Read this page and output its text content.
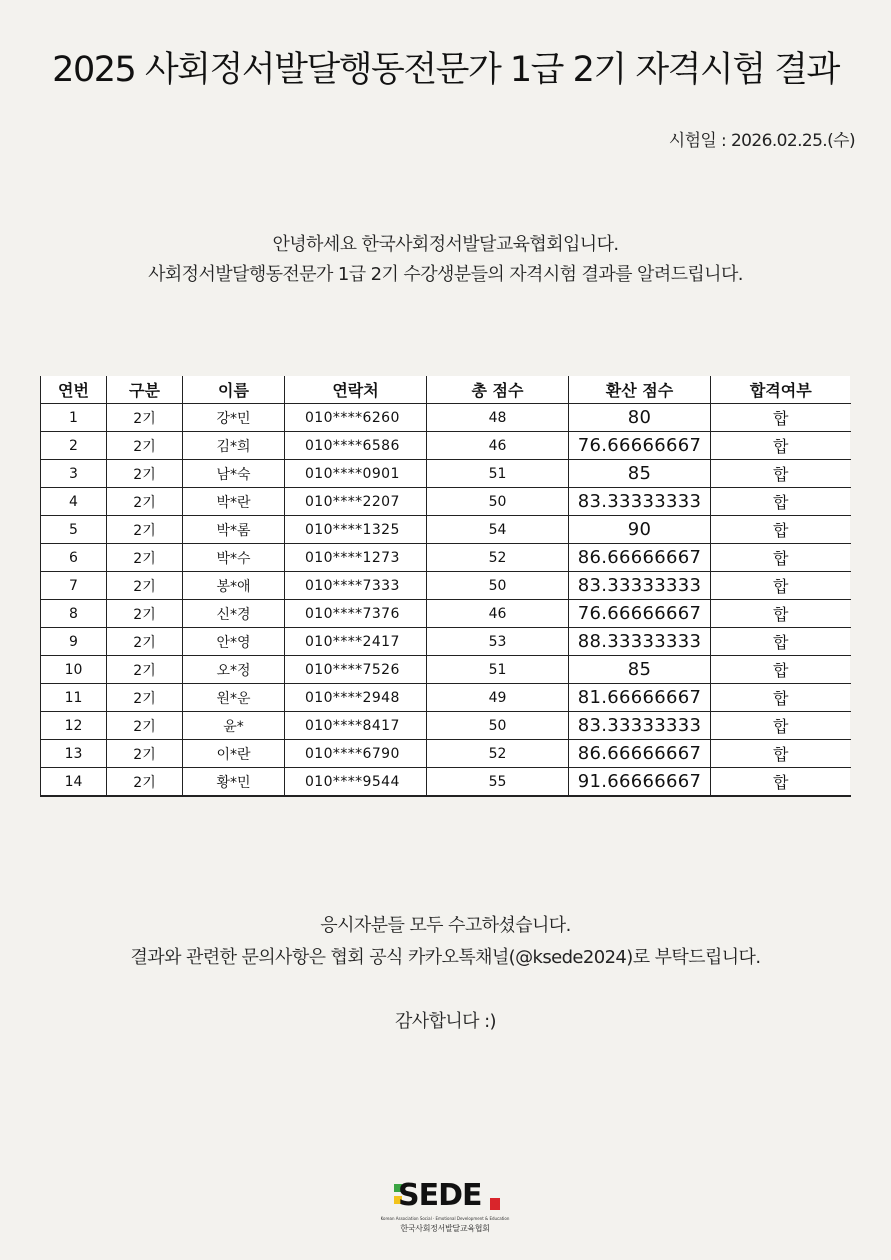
2025 사회정서발달행동전문가 1급 2기 자격시험 결과
시험일 : 2026.02.25.(수)

안녕하세요 한국사회정서발달교육협회입니다.

사회정서발달행동전문가 1급 2기 수강생분들의 자격시험 결과를 알려드립니다.

연번	구분	이름	연락처	총 점수	환산 점수	합격여부
1	2기	강*민	010****6260	48	80	합
2	2기	김*희	010****6586	46	76.66666667	합
3	2기	남*숙	010****0901	51	85	합
4	2기	박*란	010****2207	50	83.33333333	합
5	2기	박*롬	010****1325	54	90	합
6	2기	박*수	010****1273	52	86.66666667	합
7	2기	봉*애	010****7333	50	83.33333333	합
8	2기	신*경	010****7376	46	76.66666667	합
9	2기	안*영	010****2417	53	88.33333333	합
10	2기	오*정	010****7526	51	85	합
11	2기	원*운	010****2948	49	81.66666667	합
12	2기	윤*	010****8417	50	83.33333333	합
13	2기	이*란	010****6790	52	86.66666667	합
14	2기	황*민	010****9544	55	91.66666667	합

응시자분들 모두 수고하셨습니다.

결과와 관련한 문의사항은 협회 공식 카카오톡채널(@ksede2024)로 부탁드립니다.

감사합니다 :)

SEDE
Korean Association Social · Emotional Development & Education
한국사회정서발달교육협회
